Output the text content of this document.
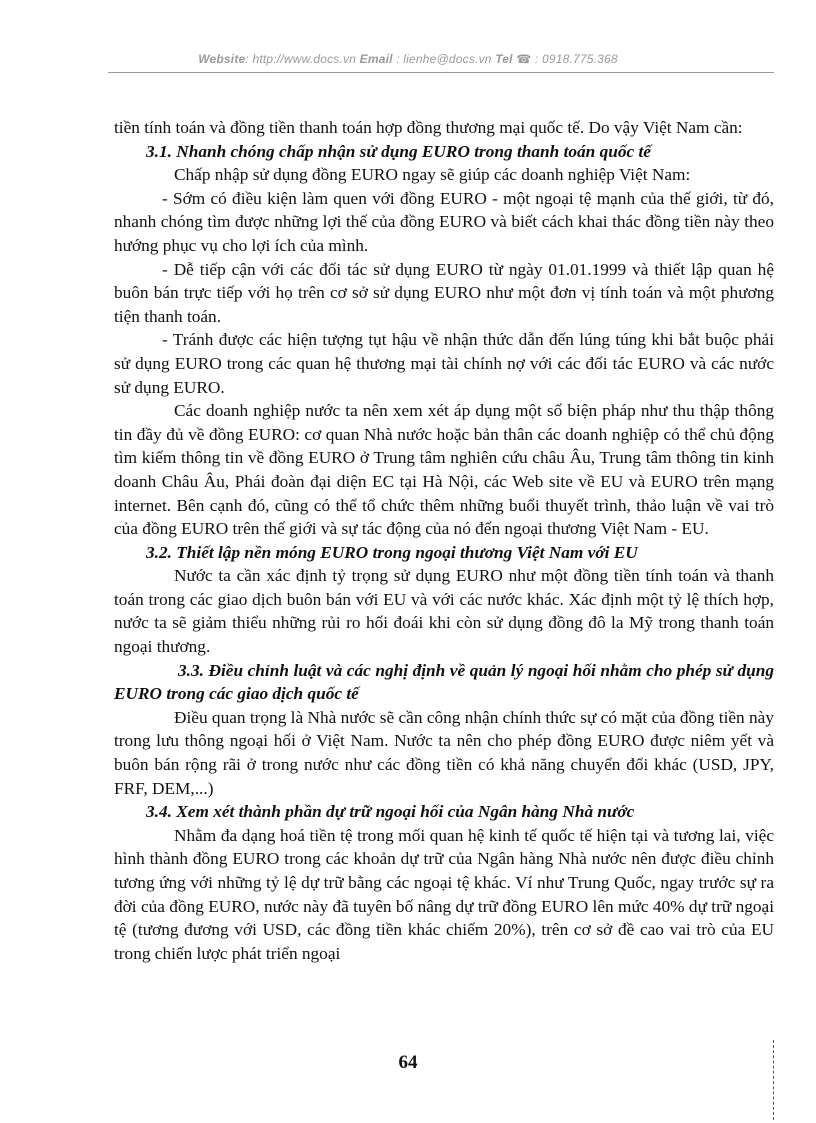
Website: http://www.docs.vn Email : lienhe@docs.vn Tel ☎ : 0918.775.368

tiền tính toán và đồng tiền thanh toán hợp đồng thương mại quốc tế. Do vậy Việt Nam cần:

3.1. Nhanh chóng chấp nhận sử dụng EURO trong thanh toán quốc tế

Chấp nhập sử dụng đồng EURO ngay sẽ giúp các doanh nghiệp Việt Nam:

- Sớm có điều kiện làm quen với đồng EURO - một ngoại tệ mạnh của thế giới, từ đó, nhanh chóng tìm được những lợi thế của đồng EURO và biết cách khai thác đồng tiền này theo hướng phục vụ cho lợi ích của mình.

- Dễ tiếp cận với các đối tác sử dụng EURO từ ngày 01.01.1999 và thiết lập quan hệ buôn bán trực tiếp với họ trên cơ sở sử dụng EURO như một đơn vị tính toán và một phương tiện thanh toán.

- Tránh được các hiện tượng tụt hậu về nhận thức dẫn đến lúng túng khi bắt buộc phải sử dụng EURO trong các quan hệ thương mại tài chính nợ với các đối tác EURO và các nước sử dụng EURO.

Các doanh nghiệp nước ta nên xem xét áp dụng một số biện pháp như thu thập thông tin đầy đủ về đồng EURO: cơ quan Nhà nước hoặc bản thân các doanh nghiệp có thể chủ động tìm kiếm thông tin về đồng EURO ở Trung tâm nghiên cứu châu Âu, Trung tâm thông tin kinh doanh Châu Âu, Phái đoàn đại diện EC tại Hà Nội, các Web site về EU và EURO trên mạng internet. Bên cạnh đó, cũng có thể tổ chức thêm những buổi thuyết trình, thảo luận về vai trò của đồng EURO trên thế giới và sự tác động của nó đến ngoại thương Việt Nam - EU.

3.2. Thiết lập nền móng EURO trong ngoại thương Việt Nam với EU

Nước ta cần xác định tỷ trọng sử dụng EURO như một đồng tiền tính toán và thanh toán trong các giao dịch buôn bán với EU và với các nước khác. Xác định một tỷ lệ thích hợp, nước ta sẽ giảm thiểu những rủi ro hối đoái khi còn sử dụng đồng đô la Mỹ trong thanh toán ngoại thương.

3.3. Điều chỉnh luật và các nghị định về quản lý ngoại hối nhằm cho phép sử dụng EURO trong các giao dịch quốc tế

Điều quan trọng là Nhà nước sẽ cần công nhận chính thức sự có mặt của đồng tiền này trong lưu thông ngoại hối ở Việt Nam. Nước ta nên cho phép đồng EURO được niêm yết và buôn bán rộng rãi ở trong nước như các đồng tiền có khả năng chuyển đổi khác (USD, JPY, FRF, DEM,...)

3.4. Xem xét thành phần dự trữ ngoại hối của Ngân hàng Nhà nước

Nhằm đa dạng hoá tiền tệ trong mối quan hệ kinh tế quốc tế hiện tại và tương lai, việc hình thành đồng EURO trong các khoản dự trữ của Ngân hàng Nhà nước nên được điều chỉnh tương ứng với những tỷ lệ dự trữ bằng các ngoại tệ khác. Ví như Trung Quốc, ngay trước sự ra đời của đồng EURO, nước này đã tuyên bố nâng dự trữ đồng EURO lên mức 40% dự trữ ngoại tệ (tương đương với USD, các đồng tiền khác chiếm 20%), trên cơ sở đề cao vai trò của EU trong chiến lược phát triển ngoại

64
